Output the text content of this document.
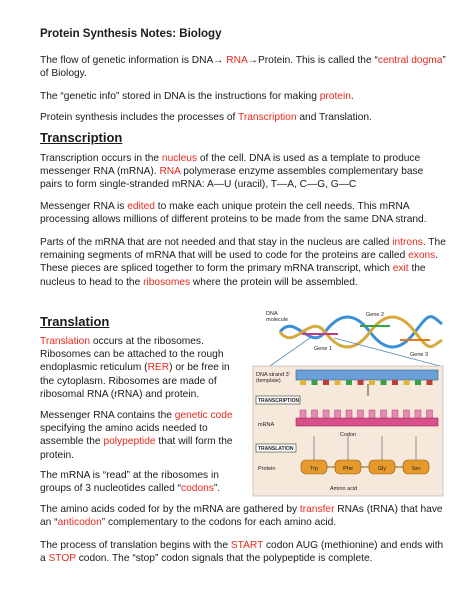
Protein Synthesis Notes: Biology
The flow of genetic information is DNA→ RNA→Protein. This is called the “central dogma” of Biology.
The “genetic info” stored in DNA is the instructions for making protein.
Protein synthesis includes the processes of Transcription and Translation.
Transcription
Transcription occurs in the nucleus of the cell. DNA is used as a template to produce messenger RNA (mRNA). RNA polymerase enzyme assembles complementary base pairs to form single-stranded mRNA: A—U (uracil), T—A, C—G, G—C
Messenger RNA is edited to make each unique protein the cell needs. This mRNA processing allows millions of different proteins to be made from the same DNA strand.
Parts of the mRNA that are not needed and that stay in the nucleus are called introns. The remaining segments of mRNA that will be used to code for the proteins are called exons. These pieces are spliced together to form the primary mRNA transcript, which exit the nucleus to head to the ribosomes where the protein will be assembled.
Translation
Translation occurs at the ribosomes. Ribosomes can be attached to the rough endoplasmic reticulum (RER) or be free in the cytoplasm. Ribosomes are made of ribosomal RNA (rRNA) and protein.
Messenger RNA contains the genetic code specifying the amino acids needed to assemble the polypeptide that will form the protein.
The mRNA is “read” at the ribosomes in groups of 3 nucleotides called “codons”.
The amino acids coded for by the mRNA are gathered by transfer RNAs (tRNA) that have an “anticodon” complementary to the codons for each amino acid.
The process of translation begins with the START codon AUG (methionine) and ends with a STOP codon. The “stop” codon signals that the polypeptide is complete.
DNA molecule
Gene 1
Gene 2
Gene 3
DNA strand 3' (template)
TRANSCRIPTION
mRNA
Codon
TRANSLATION
Protein	Trp	Phe	Gly	Ser
Amino acid
